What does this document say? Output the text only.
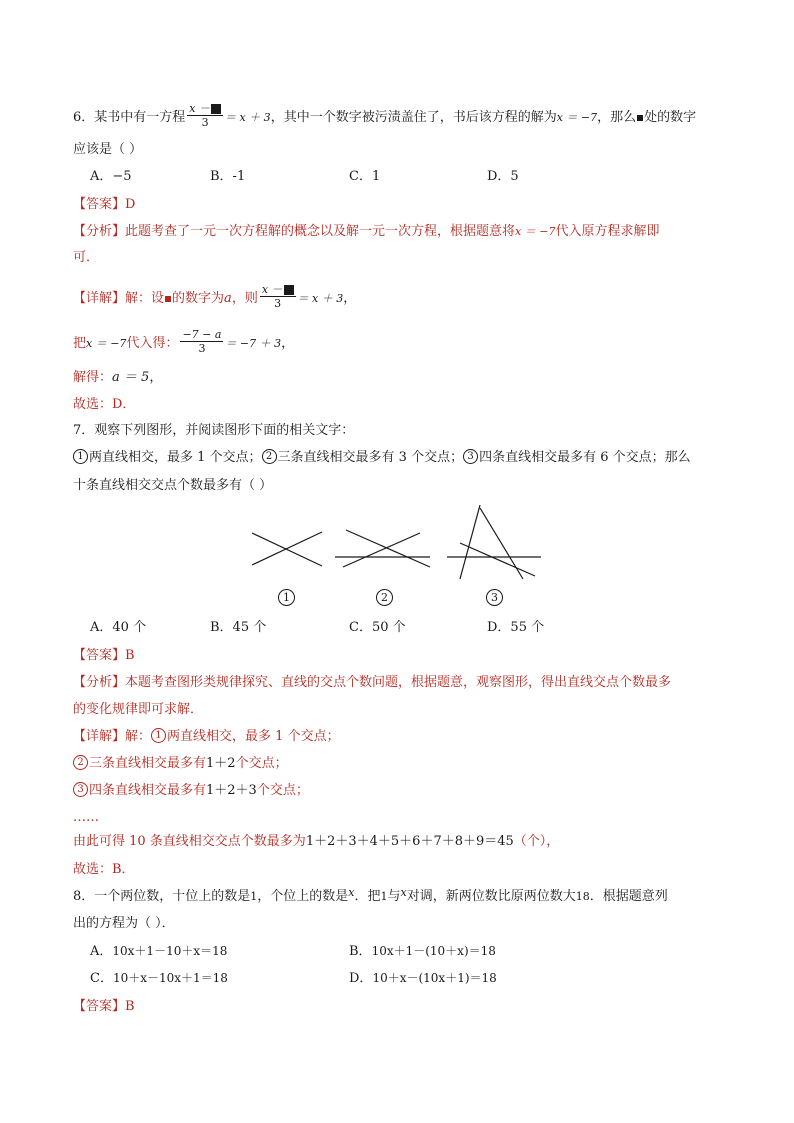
6．某书中有一方程 $\frac{x -}{3} = x + 3$，其中一个数字被污渍盖住了，书后该方程的解为x ＝ −7，那么 处的数字
应该是（ ）
A．−5	B．-1	C．1	D．5
【答案】D
【分析】此题考查了一元一次方程解的概念以及解一元一次方程，根据题意将x ＝ −7代入原方程求解即
可．
【详解】解：设 的数字为a，则 $\frac{x -}{3} = x + 3$，
把x ＝ −7代入得： $\frac{-7 - a}{3} = -7 + 3$，
解得：a ＝ 5，
故选：D．
7．观察下列图形，并阅读图形下面的相关文字：
1 两直线相交，最多 1 个交点； 2 三条直线相交最多有 3 个交点； 3 四条直线相交最多有 6 个交点；那么
十条直线相交交点个数最多有（ ）
1	2	3
A．40 个	B．45 个	C．50 个	D．55 个
【答案】B
【分析】本题考查图形类规律探究、直线的交点个数问题，根据题意，观察图形，得出直线交点个数最多
的变化规律即可求解．
【详解】解： 1 两直线相交，最多 1 个交点；
2 三条直线相交最多有1＋2个交点；
3 四条直线相交最多有1＋2＋3个交点；
……
由此可得 10 条直线相交交点个数最多为1＋2＋3＋4＋5＋6＋7＋8＋9＝45（个），
故选：B．
8．一个两位数，十位上的数是1，个位上的数是$^x$．把1与$^x$对调，新两位数比原两位数大18．根据题意列
出的方程为（ ）．
A．10x＋1－10＋x＝18	B．10x＋1－(10＋x)＝18
C．10＋x－10x＋1＝18	D．10＋x－(10x＋1)＝18
【答案】B
